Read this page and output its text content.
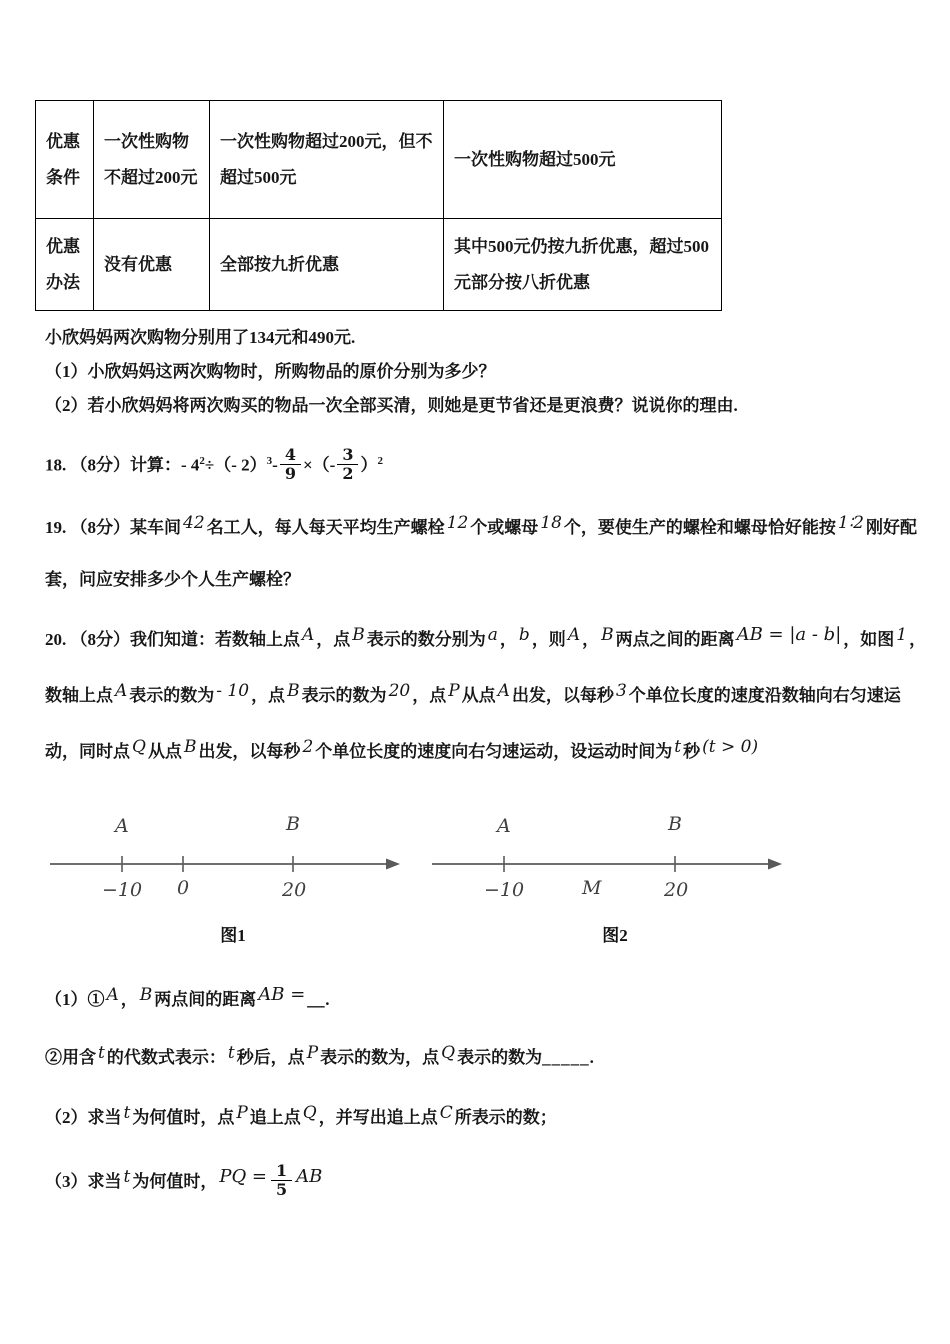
优惠条件	一次性购物不超过200元	一次性购物超过200元，但不超过500元	一次性购物超过500元
优惠办法	没有优惠	全部按九折优惠	其中500元仍按九折优惠，超过500元部分按八折优惠

小欣妈妈两次购物分别用了134元和490元.

（1）小欣妈妈这两次购物时，所购物品的原价分别为多少？

（2）若小欣妈妈将两次购买的物品一次全部买清，则她是更节省还是更浪费？说说你的理由.

18. （8分）计算：- $4^2\div(-$ $2)^3- \frac{4}{9}$ ×（- $\frac{3}{2} )^2$

19. （8分）某车间 42 名工人，每人每天平均生产螺栓 12 个或螺母 18 个，要使生产的螺栓和螺母恰好能按 1∶2 刚好配套，问应安排多少个人生产螺栓？

20. （8分）我们知道：若数轴上点 A ，点 B 表示的数分别为 a ， b ，则 A ， B 两点之间的距离 AB = |a - b| ，如图 1 ，数轴上点 A 表示的数为 - 10 ，点 B 表示的数为 20 ，点 P 从点 A 出发，以每秒 3 个单位长度的速度沿数轴向右匀速运动，同时点 Q 从点 B 出发，以每秒 2 个单位长度的速度向右匀速运动，设运动时间为 t 秒 (t > 0)

A	B
−10 0	20
图1
A	B
−10	M	20
图2

（1）① A ， B 两点间的距离 AB = ＿.

②用含 t 的代数式表示： t 秒后，点 P 表示的数为，点 Q 表示的数为_____.

（2）求当 t 为何值时，点 P 追上点 Q ，并写出追上点 C 所表示的数；

（3）求当 t 为何值时， PQ = $\frac{1}{5}$ AB
